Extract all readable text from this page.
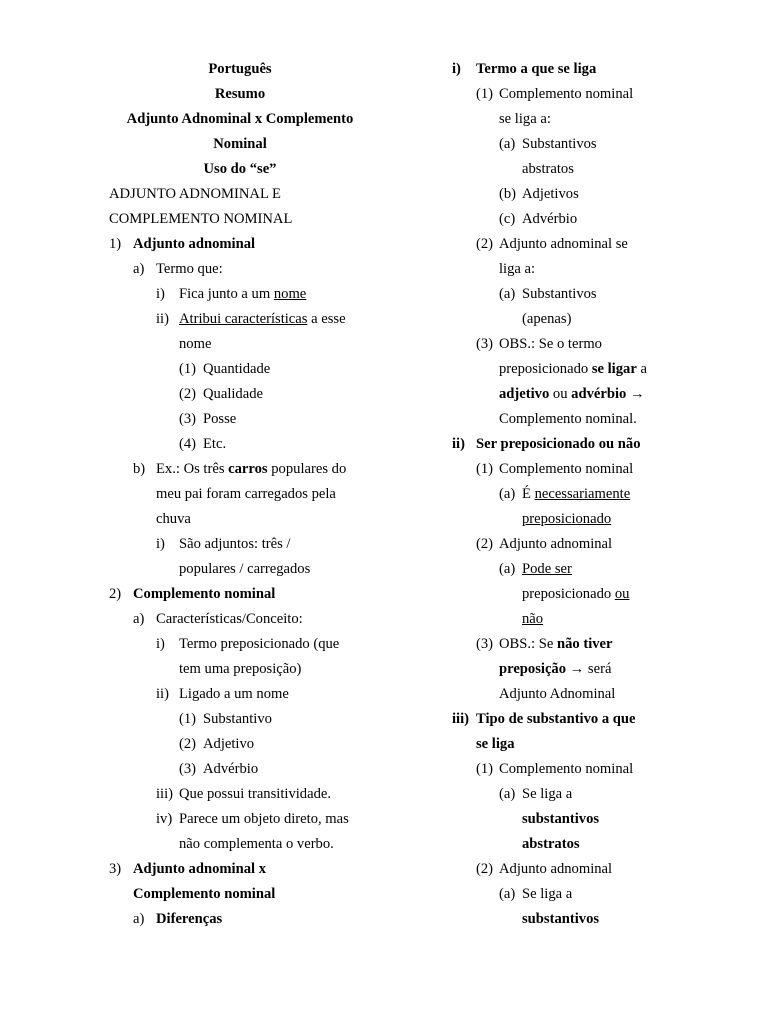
Português
Resumo
Adjunto Adnominal x Complemento
Nominal
Uso do “se”
ADJUNTO ADNOMINAL E
COMPLEMENTO NOMINAL
1) Adjunto adnominal
a) Termo que:
i) Fica junto a um nome
ii) Atribui características a esse
nome
(1) Quantidade
(2) Qualidade
(3) Posse
(4) Etc.
b) Ex.: Os três carros populares do
meu pai foram carregados pela
chuva
i) São adjuntos: três /
populares / carregados
2) Complemento nominal
a) Características/Conceito:
i) Termo preposicionado (que
tem uma preposição)
ii) Ligado a um nome
(1) Substantivo
(2) Adjetivo
(3) Advérbio
iii) Que possui transitividade.
iv) Parece um objeto direto, mas
não complementa o verbo.
3) Adjunto adnominal x
Complemento nominal
a) Diferenças
i) Termo a que se liga
(1) Complemento nominal
se liga a:
(a) Substantivos
abstratos
(b) Adjetivos
(c) Advérbio
(2) Adjunto adnominal se
liga a:
(a) Substantivos
(apenas)
(3) OBS.: Se o termo
preposicionado se ligar a
adjetivo ou advérbio →
Complemento nominal.
ii) Ser preposicionado ou não
(1) Complemento nominal
(a) É necessariamente
preposicionado
(2) Adjunto adnominal
(a) Pode ser
preposicionado ou
não
(3) OBS.: Se não tiver
preposição → será
Adjunto Adnominal
iii) Tipo de substantivo a que
se liga
(1) Complemento nominal
(a) Se liga a
substantivos
abstratos
(2) Adjunto adnominal
(a) Se liga a
substantivos
